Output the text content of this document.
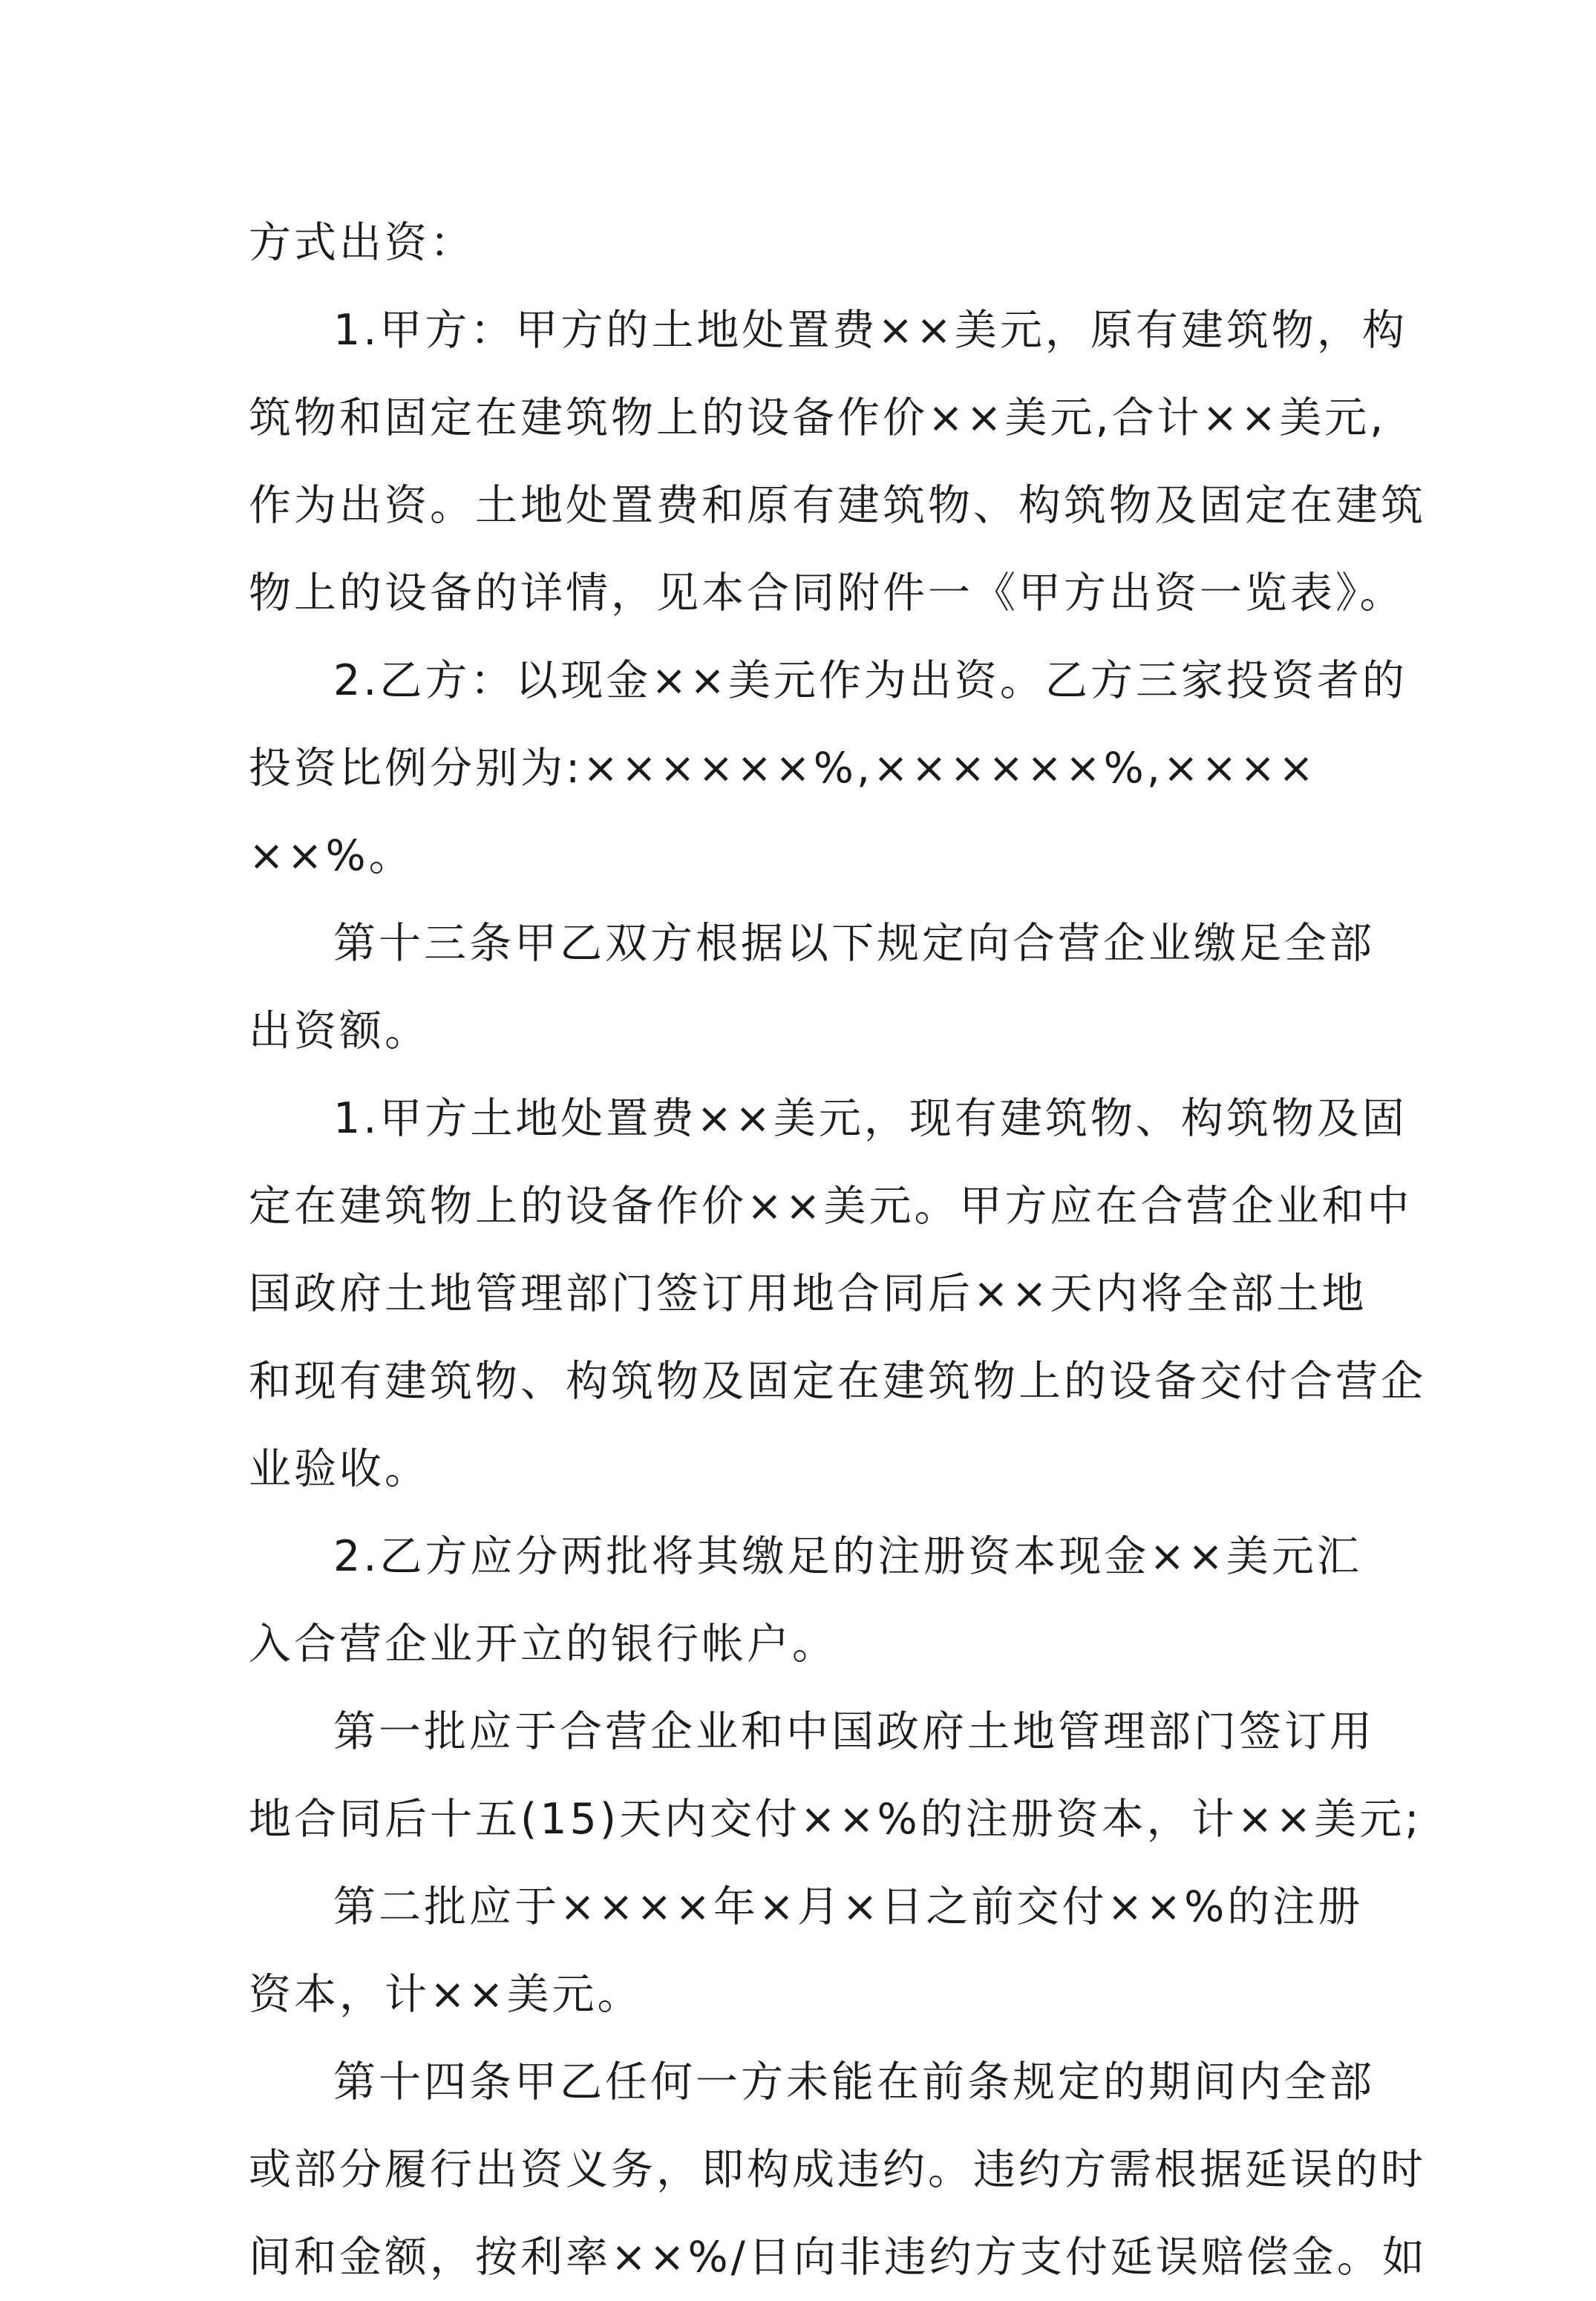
方式出资：
1.甲方：甲方的土地处置费××美元，原有建筑物，构
筑物和固定在建筑物上的设备作价××美元,合计××美元,
作为出资。土地处置费和原有建筑物、构筑物及固定在建筑
物上的设备的详情，见本合同附件一《甲方出资一览表》。
2.乙方：以现金××美元作为出资。乙方三家投资者的
投资比例分别为:××××××%,××××××%,××××
××%。
第十三条甲乙双方根据以下规定向合营企业缴足全部
出资额。
1.甲方土地处置费××美元，现有建筑物、构筑物及固
定在建筑物上的设备作价××美元。甲方应在合营企业和中
国政府土地管理部门签订用地合同后××天内将全部土地
和现有建筑物、构筑物及固定在建筑物上的设备交付合营企
业验收。
2.乙方应分两批将其缴足的注册资本现金××美元汇
入合营企业开立的银行帐户。
第一批应于合营企业和中国政府土地管理部门签订用
地合同后十五(15)天内交付××%的注册资本，计××美元;
第二批应于××××年×月×日之前交付××%的注册
资本，计××美元。
第十四条甲乙任何一方未能在前条规定的期间内全部
或部分履行出资义务，即构成违约。违约方需根据延误的时
间和金额，按利率××%/日向非违约方支付延误赔偿金。如
